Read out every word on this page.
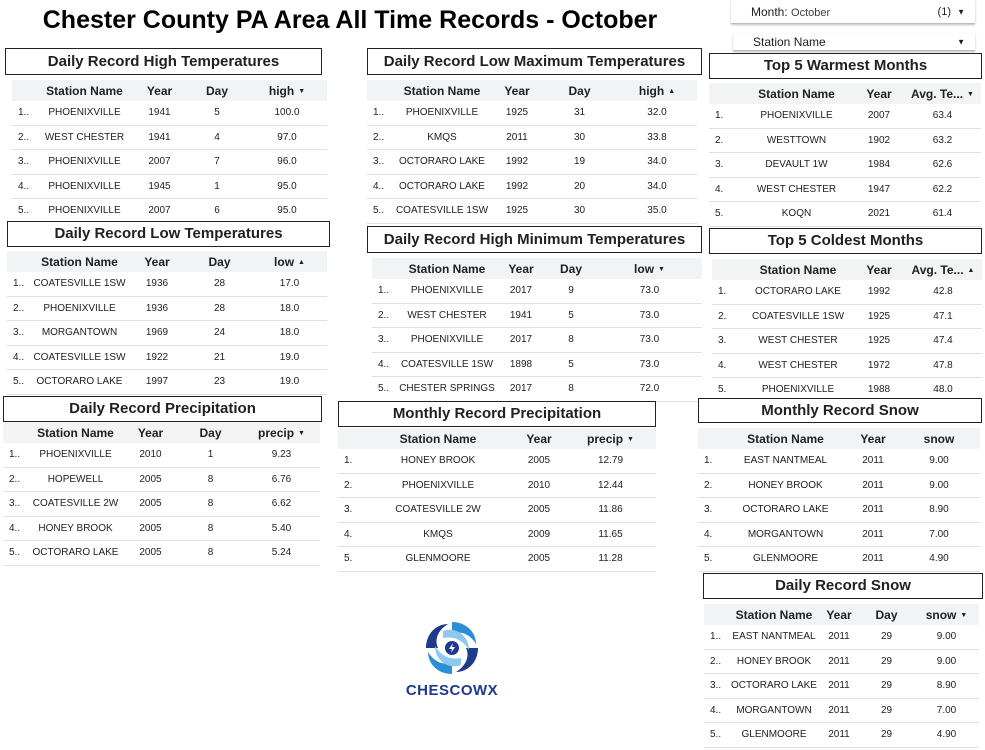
Chester County PA Area All Time Records - October	Month: October	(1) ▼
Station Name	▼
CHESCOWX
Daily Record High Temperatures
Station Name	Year	Day	high ▼
1..	PHOENIXVILLE	1941	5	100.0
2..	WEST CHESTER	1941	4	97.0
3..	PHOENIXVILLE	2007	7	96.0
4..	PHOENIXVILLE	1945	1	95.0
5..	PHOENIXVILLE	2007	6	95.0
Daily Record Low Maximum Temperatures
Station Name	Year	Day	high ▲
1..	PHOENIXVILLE	1925	31	32.0
2..	KMQS	2011	30	33.8
3..	OCTORARO LAKE	1992	19	34.0
4..	OCTORARO LAKE	1992	20	34.0
5..	COATESVILLE 1SW	1925	30	35.0
Top 5 Warmest Months
Station Name	Year	Avg. Te... ▼
1.	PHOENIXVILLE	2007	63.4
2.	WESTTOWN	1902	63.2
3.	DEVAULT 1W	1984	62.6
4.	WEST CHESTER	1947	62.2
5.	KOQN	2021	61.4
Daily Record Low Temperatures
Station Name	Year	Day	low ▲
1.. COATESVILLE 1SW	1936	28	17.0
2..	PHOENIXVILLE	1936	28	18.0
3..	MORGANTOWN	1969	24	18.0
4.. COATESVILLE 1SW	1922	21	19.0
5..	OCTORARO LAKE	1997	23	19.0
Daily Record High Minimum Temperatures
Station Name	Year	Day	low ▼
1..	PHOENIXVILLE	2017	9	73.0
2..	WEST CHESTER	1941	5	73.0
3..	PHOENIXVILLE	2017	8	73.0
4..	COATESVILLE 1SW	1898	5	73.0
5..	CHESTER SPRINGS	2017	8	72.0
Top 5 Coldest Months
Station Name	Year	Avg. Te... ▲
1.	OCTORARO LAKE	1992	42.8
2.	COATESVILLE 1SW	1925	47.1
3.	WEST CHESTER	1925	47.4
4.	WEST CHESTER	1972	47.8
5.	PHOENIXVILLE	1988	48.0
Daily Record Precipitation
Station Name	Year	Day	precip ▼
1..	PHOENIXVILLE	2010	1	9.23
2..	HOPEWELL	2005	8	6.76
3..	COATESVILLE 2W	2005	8	6.62
4..	HONEY BROOK	2005	8	5.40
5..	OCTORARO LAKE	2005	8	5.24
Monthly Record Precipitation
Station Name	Year	precip ▼
1.	HONEY BROOK	2005	12.79
2.	PHOENIXVILLE	2010	12.44
3.	COATESVILLE 2W	2005	11.86
4.	KMQS	2009	11.65
5.	GLENMOORE	2005	11.28
Monthly Record Snow
Station Name	Year	snow
1.	EAST NANTMEAL	2011	9.00
2.	HONEY BROOK	2011	9.00
3.	OCTORARO LAKE	2011	8.90
4.	MORGANTOWN	2011	7.00
5.	GLENMOORE	2011	4.90
Daily Record Snow
Station Name	Year	Day	snow ▼
1..	EAST NANTMEAL	2011	29	9.00
2..	HONEY BROOK	2011	29	9.00
3.. OCTORARO LAKE	2011	29	8.90
4..	MORGANTOWN	2011	29	7.00
5..	GLENMOORE	2011	29	4.90
